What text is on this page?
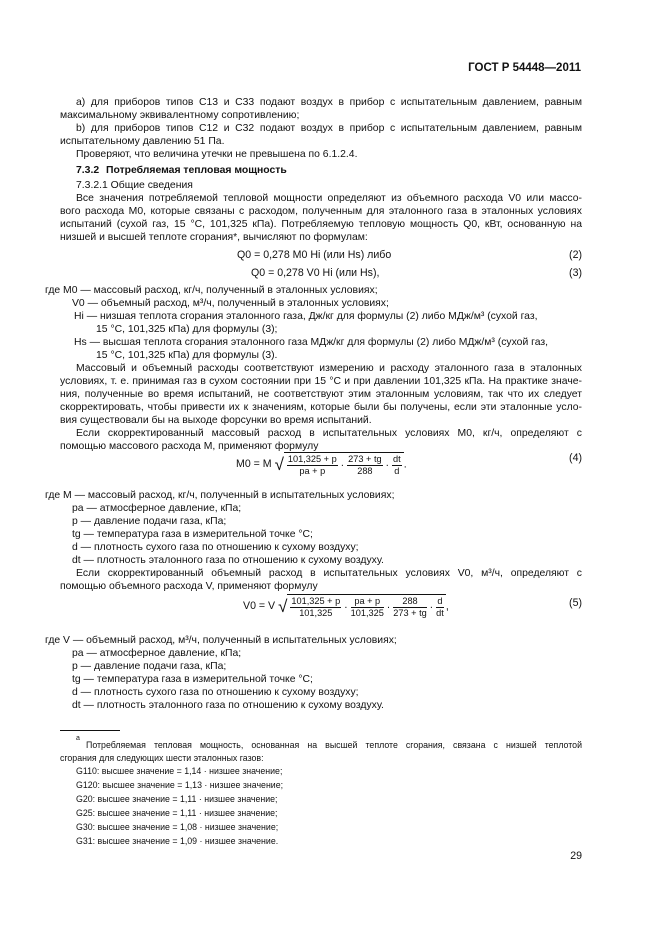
ГОСТ Р 54448—2011
a) для приборов типов С13 и С33 подают воздух в прибор с испытательным давлением, равным
максимальному эквивалентному сопротивлению;
b) для приборов типов С12 и С32 подают воздух в прибор с испытательным давлением, равным
испытательному давлению 51 Па.
Проверяют, что величина утечки не превышена по 6.1.2.4.
7.3.2 Потребляемая тепловая мощность
7.3.2.1 Общие сведения
Все значения потребляемой тепловой мощности определяют из объемного расхода V0 или массо-
вого расхода M0, которые связаны с расходом, полученным для эталонного газа в эталонных условиях
испытаний (сухой газ, 15 °C, 101,325 кПа). Потребляемую тепловую мощность Q0, кВт, основанную на
низшей и высшей теплоте сгорания*, вычисляют по формулам:
Q0 = 0,278 M0 Hi (или Hs) либо	(2)
Q0 = 0,278 V0 Hi (или Hs),	(3)
где M0 — массовый расход, кг/ч, полученный в эталонных условиях;
V0 — объемный расход, м³/ч, полученный в эталонных условиях;
Hi — низшая теплота сгорания эталонного газа, Дж/кг для формулы (2) либо МДж/м³ (сухой газ,
15 °C, 101,325 кПа) для формулы (3);
Hs — высшая теплота сгорания эталонного газа МДж/кг для формулы (2) либо МДж/м³ (сухой газ,
15 °C, 101,325 кПа) для формулы (3).
Массовый и объемный расходы соответствуют измерению и расходу эталонного газа в эталонных
условиях, т. е. принимая газ в сухом состоянии при 15 °C и при давлении 101,325 кПа. На практике значе-
ния, полученные во время испытаний, не соответствуют этим эталонным условиям, так что их следует
скорректировать, чтобы привести их к значениям, которые были бы получены, если эти эталонные усло-
вия существовали бы на выходе форсунки во время испытаний.
Если скорректированный массовый расход в испытательных условиях M0, кг/ч, определяют с
помощью массового расхода M, применяют формулу
M0 = M √ $\frac{101,325 + p}{pa + p} \cdot \frac{273 + tg}{288} \cdot \frac{dt}{d}$ .
(4)
где M — массовый расход, кг/ч, полученный в испытательных условиях;
pa — атмосферное давление, кПа;
p — давление подачи газа, кПа;
tg — температура газа в измерительной точке °C;
d — плотность сухого газа по отношению к сухому воздуху;
dt — плотность эталонного газа по отношению к сухому воздуху.
Если скорректированный объемный расход в испытательных условиях V0, м³/ч, определяют с
помощью объемного расхода V, применяют формулу
V0 = V √ $\frac{101,325 + p}{101,325} \cdot \frac{pa + p}{101,325} \cdot \frac{288}{273 + tg} \cdot \frac{d}{dt}$ ,	(5)
где V — объемный расход, м³/ч, полученный в испытательных условиях;
pa — атмосферное давление, кПа;
p — давление подачи газа, кПа;
tg — температура газа в измерительной точке °C;
d — плотность сухого газа по отношению к сухому воздуху;
dt — плотность эталонного газа по отношению к сухому воздуху.
а
Потребляемая тепловая мощность, основанная на высшей теплоте сгорания, связана с низшей теплотой
сгорания для следующих шести эталонных газов:
G110: высшее значение = 1,14 · низшее значение;
G120: высшее значение = 1,13 · низшее значение;
G20: высшее значение = 1,11 · низшее значение;
G25: высшее значение = 1,11 · низшее значение;
G30: высшее значение = 1,08 · низшее значение;
G31: высшее значение = 1,09 · низшее значение.
29
